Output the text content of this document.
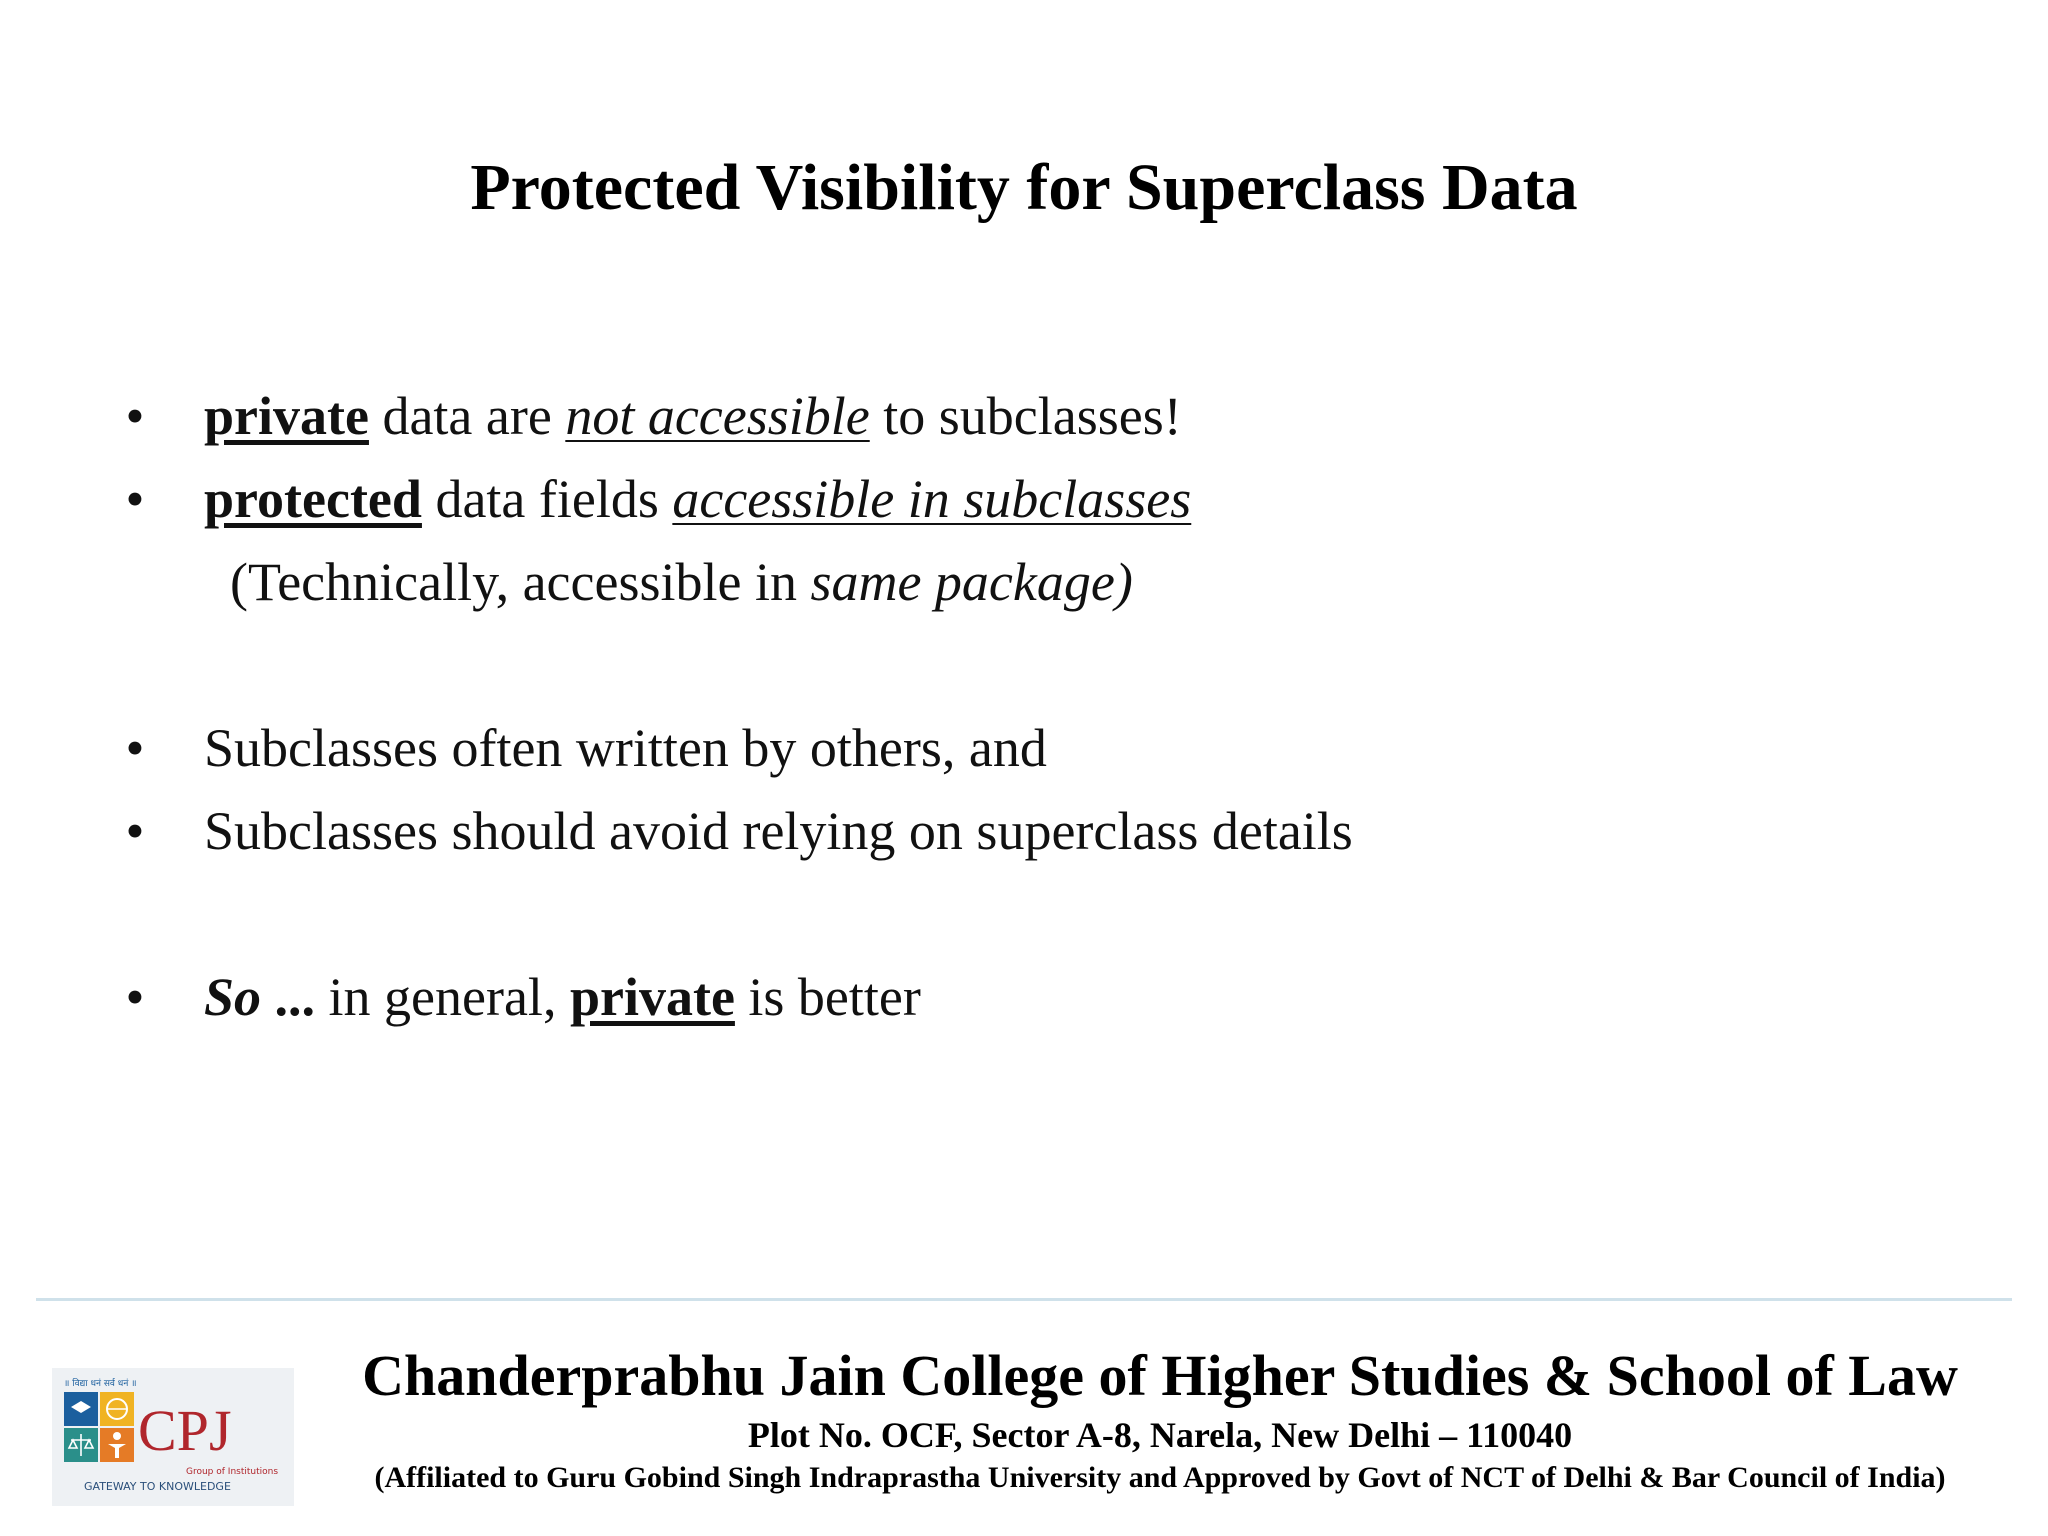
Protected Visibility for Superclass Data
• private data are not accessible to subclasses!
• protected data fields accessible in subclasses
(Technically, accessible in same package)
• Subclasses often written by others, and
• Subclasses should avoid relying on superclass details
• So ... in general, private is better
॥ विद्या धनं सर्व धनं ॥
CPJ
Group of Institutions
GATEWAY TO KNOWLEDGE
Chanderprabhu Jain College of Higher Studies & School of Law
Plot No. OCF, Sector A-8, Narela, New Delhi – 110040
(Affiliated to Guru Gobind Singh Indraprastha University and Approved by Govt of NCT of Delhi & Bar Council of India)
